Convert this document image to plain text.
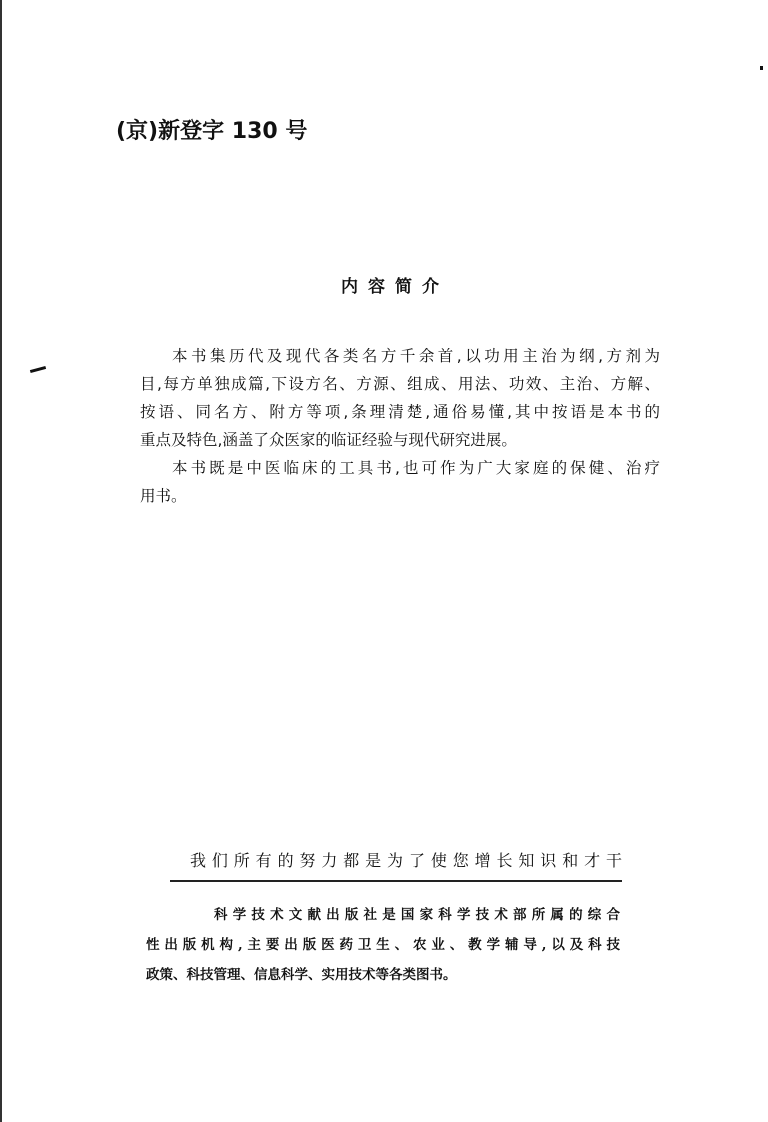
(京)新登字 130 号
内容简介
本书集历代及现代各类名方千余首,以功用主治为纲,方剂为
目,每方单独成篇,下设方名、方源、组成、用法、功效、主治、方解、
按语、同名方、附方等项,条理清楚,通俗易懂,其中按语是本书的
重点及特色,涵盖了众医家的临证经验与现代研究进展。
本书既是中医临床的工具书,也可作为广大家庭的保健、治疗
用书。
我们所有的努力都是为了使您增长知识和才干
科学技术文献出版社是国家科学技术部所属的综合
性出版机构,主要出版医药卫生、农业、教学辅导,以及科技
政策、科技管理、信息科学、实用技术等各类图书。
